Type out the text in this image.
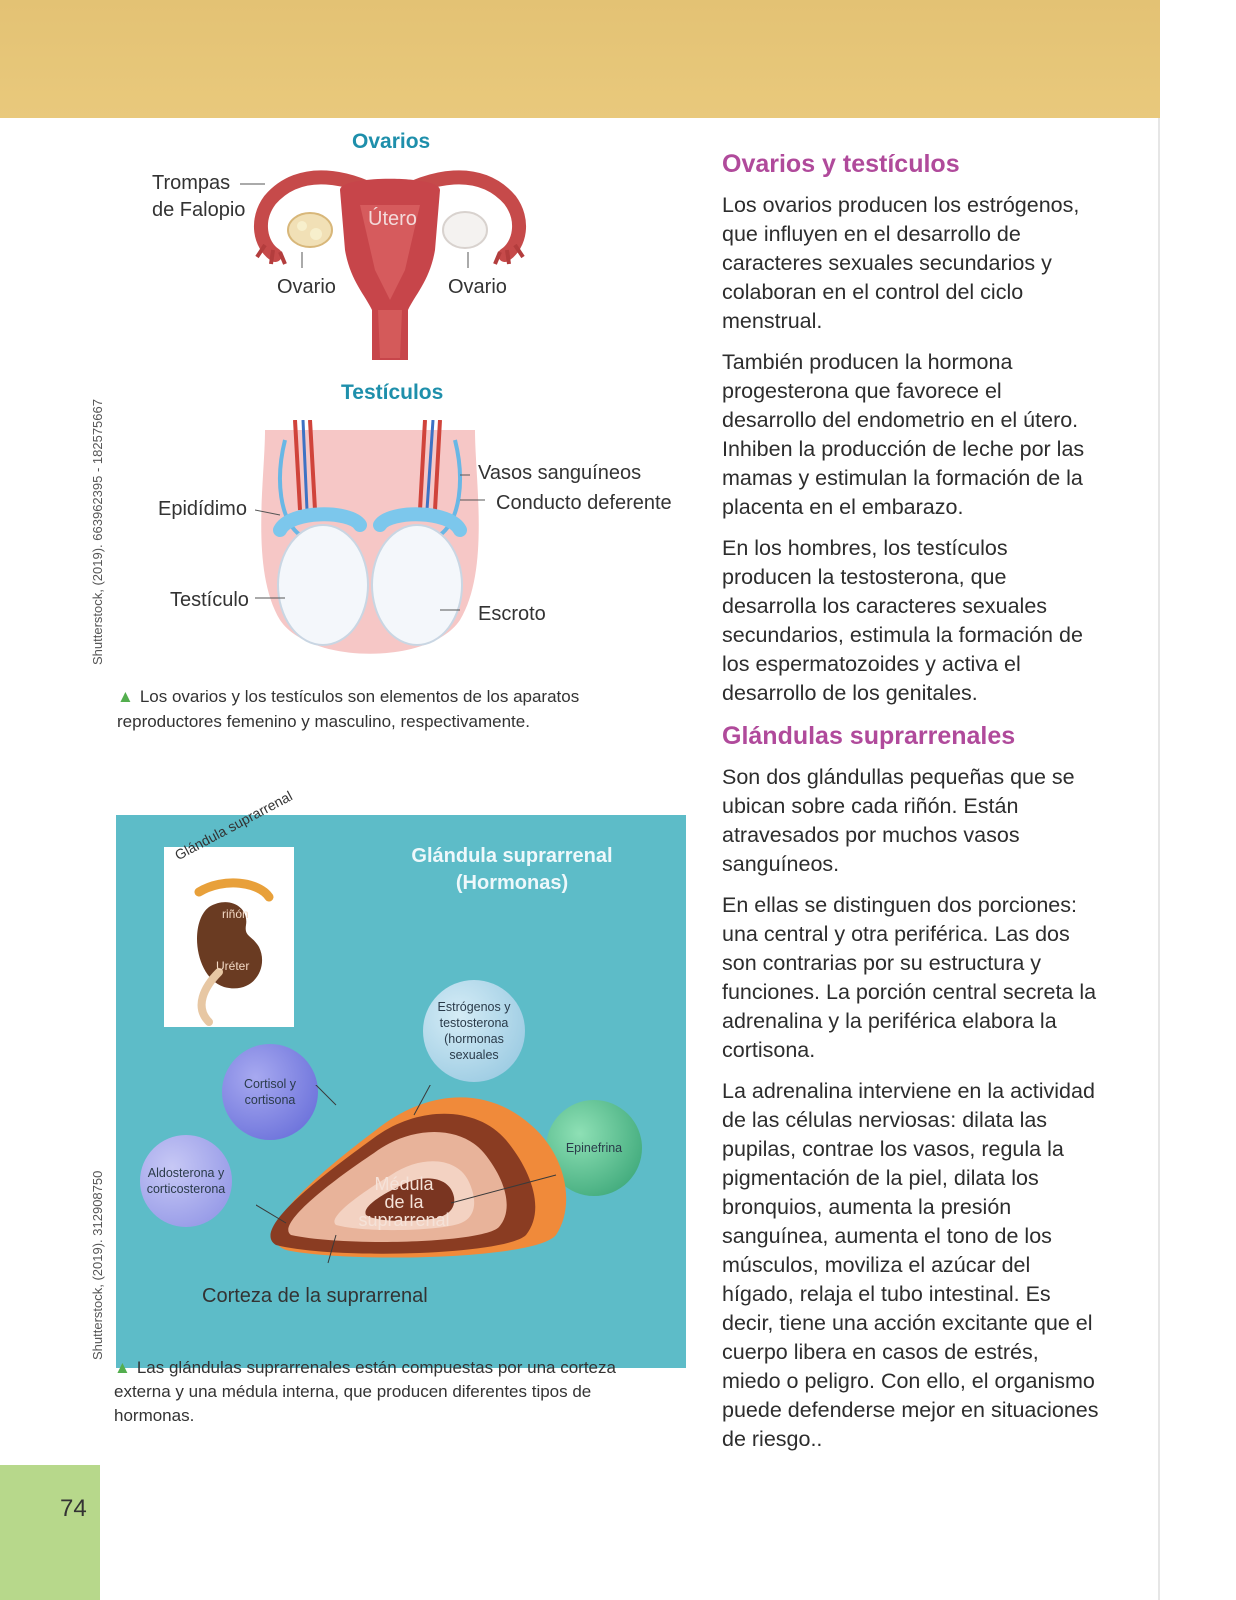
Shutterstock, (2019). 663962395 - 182575667
Ovarios
Útero
Trompas
de Falopio
Ovario	Ovario
Testículos
Vasos sanguíneos
Conducto deferente
Epidídimo
Testículo
Escroto
▲ Los ovarios y los testículos son elementos de los aparatos
reproductores femenino y masculino, respectivamente.
Shutterstock, (2019). 312908750
Glándula suprarrenal
(Hormonas)
Glándula suprarrenal
riñón
Uréter
Estrógenos y testosterona (hormonas sexuales
Cortisol y cortisona
Aldosterona y corticosterona
Epinefrina
Médula
de la
suprarrenal
Corteza de la suprarrenal
▲ Las glándulas suprarrenales están compuestas por una corteza
externa y una médula interna, que producen diferentes tipos de
hormonas.
Ovarios y testículos

Los ovarios producen los estrógenos, que influyen en el desarrollo de caracteres sexuales secundarios y colaboran en el control del ciclo menstrual.

También producen la hormona progesterona que favorece el desarrollo del endometrio en el útero. Inhiben la producción de leche por las mamas y estimulan la formación de la placenta en el embarazo.

En los hombres, los testículos producen la testosterona, que desarrolla los caracteres sexuales secundarios, estimula la formación de los espermatozoides y activa el desarrollo de los genitales.

Glándulas suprarrenales

Son dos glándullas pequeñas que se ubican sobre cada riñón. Están atravesados por muchos vasos sanguíneos.

En ellas se distinguen dos porciones: una central y otra periférica. Las dos son contrarias por su estructura y funciones. La porción central secreta la adrenalina y la periférica elabora la cortisona.

La adrenalina interviene en la actividad de las células nerviosas: dilata las pupilas, contrae los vasos, regula la pigmentación de la piel, dilata los bronquios, aumenta la presión sanguínea, aumenta el tono de los músculos, moviliza el azúcar del hígado, relaja el tubo intestinal. Es decir, tiene una acción excitante que el cuerpo libera en casos de estrés, miedo o peligro. Con ello, el organismo puede defenderse mejor en situaciones de riesgo..

74
